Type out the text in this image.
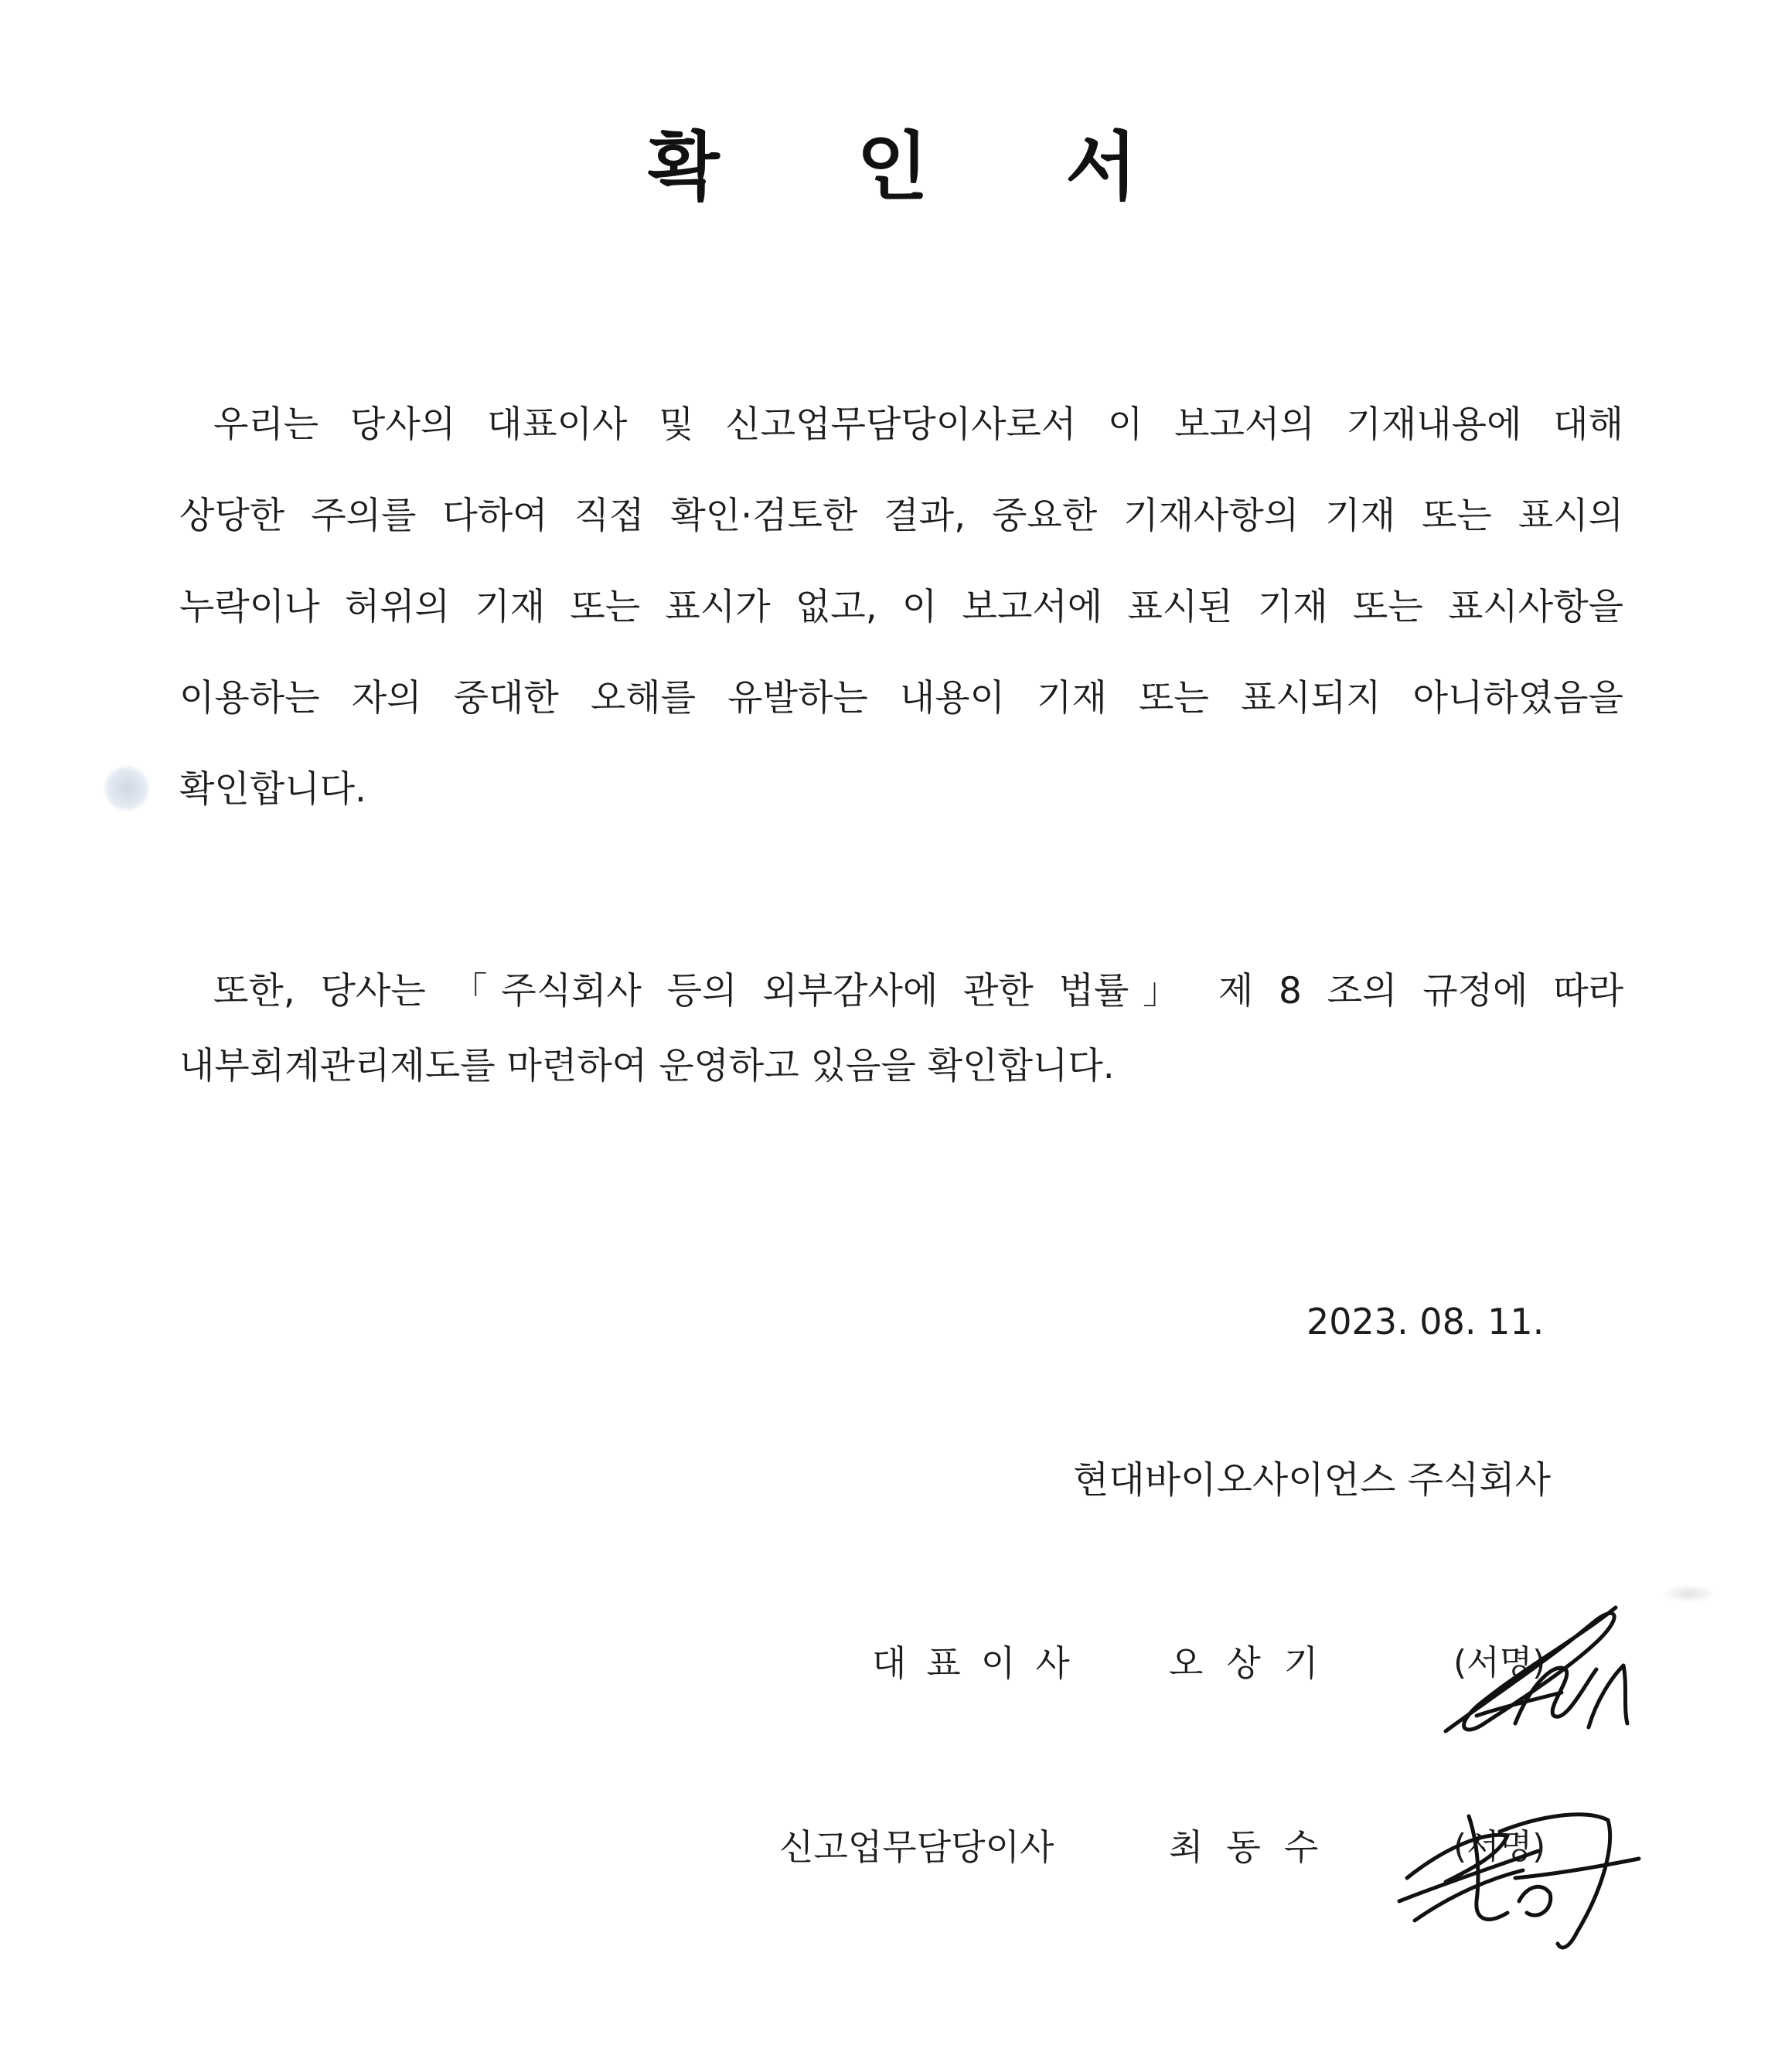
확 인 서
우리는 당사의 대표이사 및 신고업무담당이사로서 이 보고서의 기재내용에 대해
상당한 주의를 다하여 직접 확인·검토한 결과, 중요한 기재사항의 기재 또는 표시의
누락이나 허위의 기재 또는 표시가 없고, 이 보고서에 표시된 기재 또는 표시사항을
이용하는 자의 중대한 오해를 유발하는 내용이 기재 또는 표시되지 아니하였음을
확인합니다.
또한, 당사는 「주식회사 등의 외부감사에 관한 법률」 제 8 조의 규정에 따라
내부회계관리제도를 마련하여 운영하고 있음을 확인합니다.
2023. 08. 11.
현대바이오사이언스 주식회사
대표이사 오상기	(서명)
신고업무담당이사	최동수	(서명)
